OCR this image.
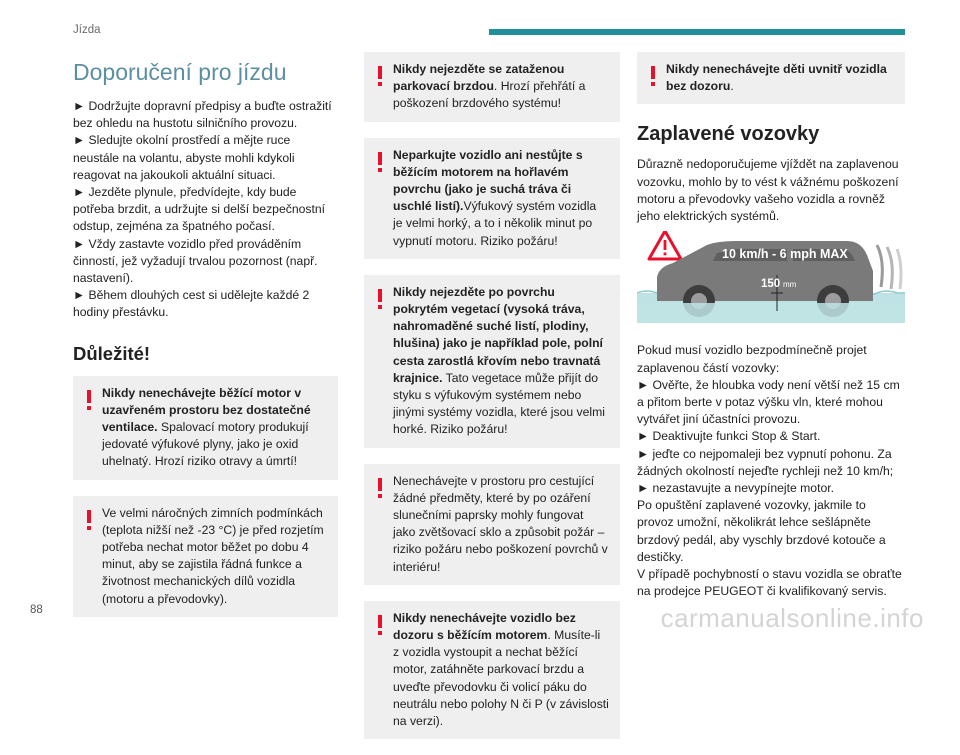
Jízda
Doporučení pro jízdu

► Dodržujte dopravní předpisy a buďte ostražití bez ohledu na hustotu silničního provozu.

► Sledujte okolní prostředí a mějte ruce neustále na volantu, abyste mohli kdykoli reagovat na jakoukoli aktuální situaci.

► Jezděte plynule, předvídejte, kdy bude potřeba brzdit, a udržujte si delší bezpečnostní odstup, zejména za špatného počasí.

► Vždy zastavte vozidlo před prováděním činností, jež vyžadují trvalou pozornost (např. nastavení).

► Během dlouhých cest si udělejte každé 2 hodiny přestávku.

Důležité!

Nikdy nenechávejte běžící motor v uzavřeném prostoru bez dostatečné ventilace. Spalovací motory produkují jedovaté výfukové plyny, jako je oxid uhelnatý. Hrozí riziko otravy a úmrtí!

Ve velmi náročných zimních podmínkách (teplota nižší než -23 °C) je před rozjetím potřeba nechat motor běžet po dobu 4 minut, aby se zajistila řádná funkce a životnost mechanických dílů vozidla (motoru a převodovky).

Nikdy nejezděte se zataženou parkovací brzdou. Hrozí přehřátí a poškození brzdového systému!

Neparkujte vozidlo ani nestůjte s běžícím motorem na hořlavém povrchu (jako je suchá tráva či uschlé listí).Výfukový systém vozidla je velmi horký, a to i několik minut po vypnutí motoru. Riziko požáru!

Nikdy nejezděte po povrchu pokrytém vegetací (vysoká tráva, nahromaděné suché listí, plodiny, hlušina) jako je například pole, polní cesta zarostlá křovím nebo travnatá krajnice. Tato vegetace může přijít do styku s výfukovým systémem nebo jinými systémy vozidla, které jsou velmi horké. Riziko požáru!

Nenechávejte v prostoru pro cestující žádné předměty, které by po ozáření slunečními paprsky mohly fungovat jako zvětšovací sklo a způsobit požár – riziko požáru nebo poškození povrchů v interiéru!

Nikdy nenechávejte vozidlo bez dozoru s běžícím motorem. Musíte-li z vozidla vystoupit a nechat běžící motor, zatáhněte parkovací brzdu a uveďte převodovku či volicí páku do neutrálu nebo polohy N či P (v závislosti na verzi).

Nikdy nenechávejte děti uvnitř vozidla bez dozoru.

Zaplavené vozovky

Důrazně nedoporučujeme vjíždět na zaplavenou vozovku, mohlo by to vést k vážnému poškození motoru a převodovky vašeho vozidla a rovněž jeho elektrických systémů.

10 km/h - 6 mph MAX
150 mm

Pokud musí vozidlo bezpodmínečně projet zaplavenou částí vozovky:

► Ověřte, že hloubka vody není větší než 15 cm a přitom berte v potaz výšku vln, které mohou vytvářet jiní účastníci provozu.

► Deaktivujte funkci Stop & Start.

► jeďte co nejpomaleji bez vypnutí pohonu. Za žádných okolností nejeďte rychleji než 10 km/h;

► nezastavujte a nevypínejte motor.

Po opuštění zaplavené vozovky, jakmile to provoz umožní, několikrát lehce sešlápněte brzdový pedál, aby vyschly brzdové kotouče a destičky.

V případě pochybností o stavu vozidla se obraťte na prodejce PEUGEOT či kvalifikovaný servis.

88	carmanualsonline.info
